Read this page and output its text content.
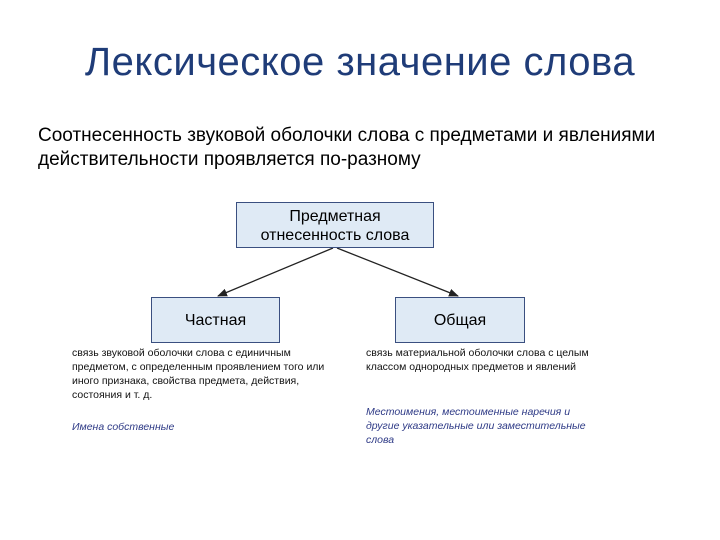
Лексическое значение слова
Соотнесенность звуковой оболочки слова с предметами и явлениями действительности проявляется по-разному
Предметная отнесенность слова
Частная	Общая
связь звуковой оболочки слова с единичным предметом, с определенным проявлением того или иного признака, свойства предмета, действия, состояния и т. д.
Имена собственные
связь материальной оболочки слова с целым классом однородных предметов и явлений
Местоимения, местоименные наречия и другие указательные или заместительные слова
